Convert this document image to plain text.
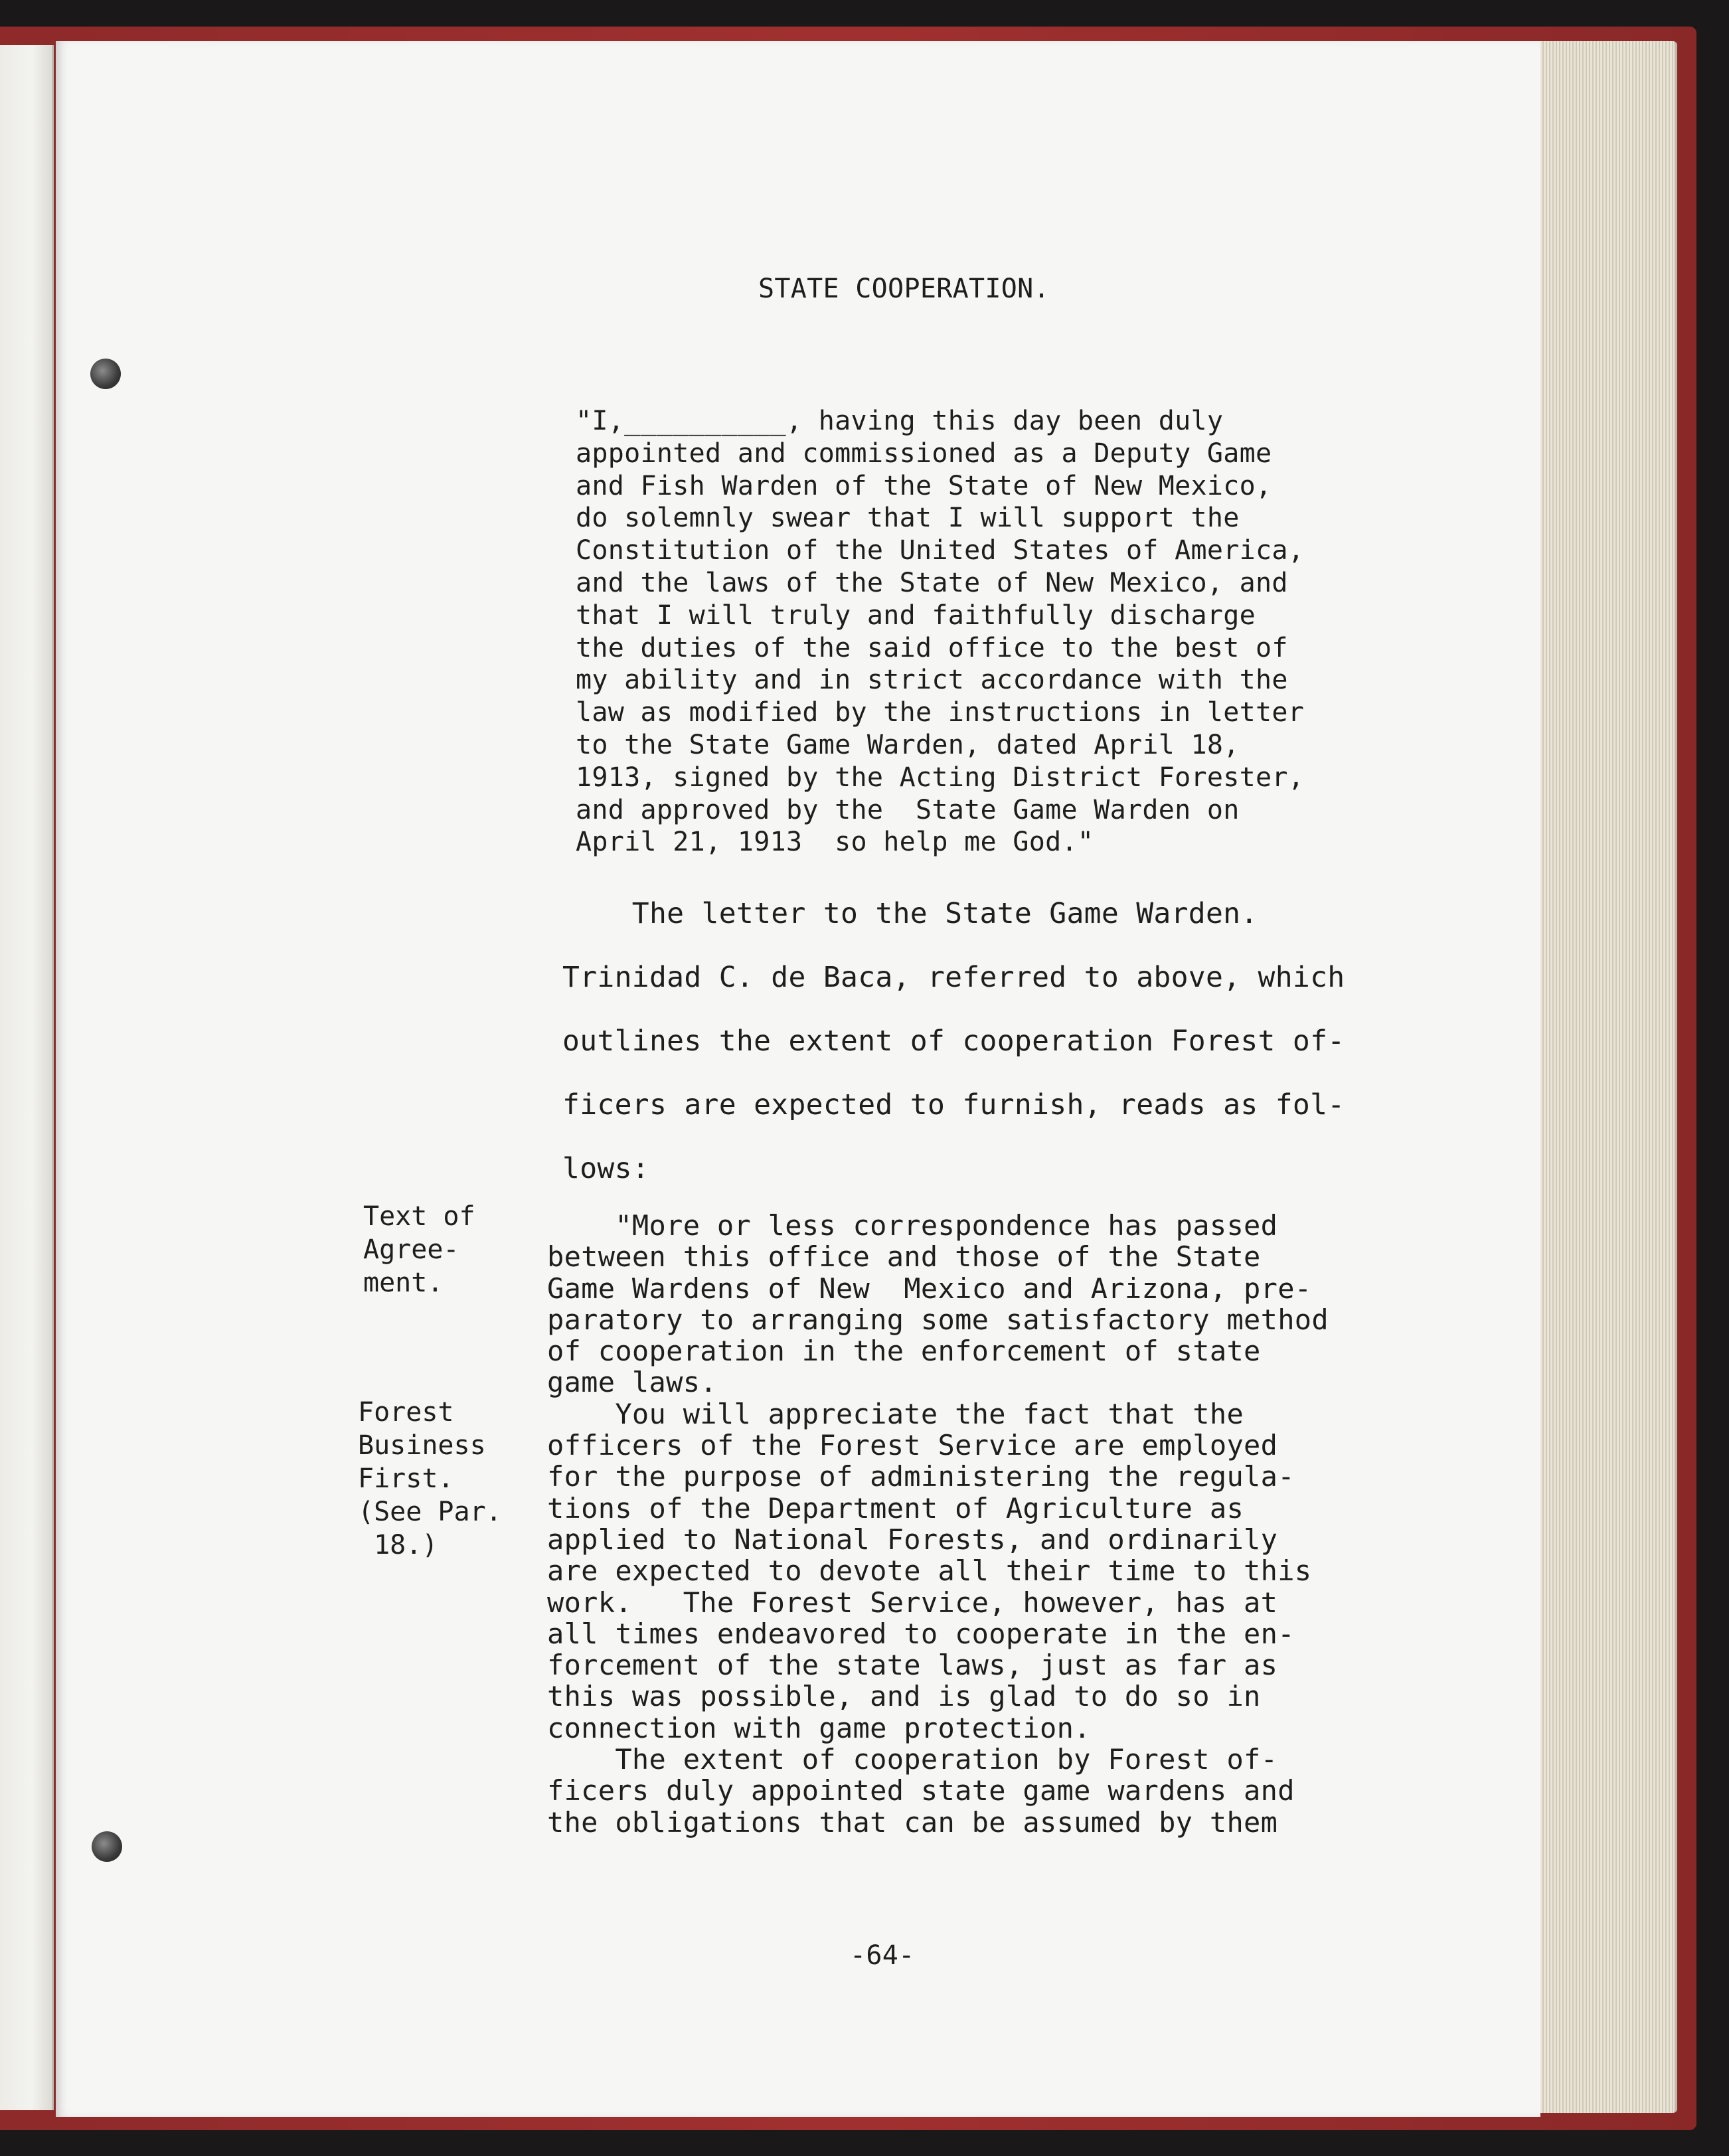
STATE COOPERATION.
"I,__________, having this day been duly
appointed and commissioned as a Deputy Game
and Fish Warden of the State of New Mexico,
do solemnly swear that I will support the
Constitution of the United States of America,
and the laws of the State of New Mexico, and
that I will truly and faithfully discharge
the duties of the said office to the best of
my ability and in strict accordance with the
law as modified by the instructions in letter
to the State Game Warden, dated April 18,
1913, signed by the Acting District Forester,
and approved by the  State Game Warden on
April 21, 1913  so help me God."
The letter to the State Game Warden.
Trinidad C. de Baca, referred to above, which
outlines the extent of cooperation Forest of-
ficers are expected to furnish, reads as fol-
lows:
Text of
Agree-
ment.
Forest
Business
First.
(See Par.
18.)
"More or less correspondence has passed
between this office and those of the State
Game Wardens of New  Mexico and Arizona, pre-
paratory to arranging some satisfactory method
of cooperation in the enforcement of state
game laws.
You will appreciate the fact that the
officers of the Forest Service are employed
for the purpose of administering the regula-
tions of the Department of Agriculture as
applied to National Forests, and ordinarily
are expected to devote all their time to this
work.   The Forest Service, however, has at
all times endeavored to cooperate in the en-
forcement of the state laws, just as far as
this was possible, and is glad to do so in
connection with game protection.
The extent of cooperation by Forest of-
ficers duly appointed state game wardens and
the obligations that can be assumed by them
-64-
